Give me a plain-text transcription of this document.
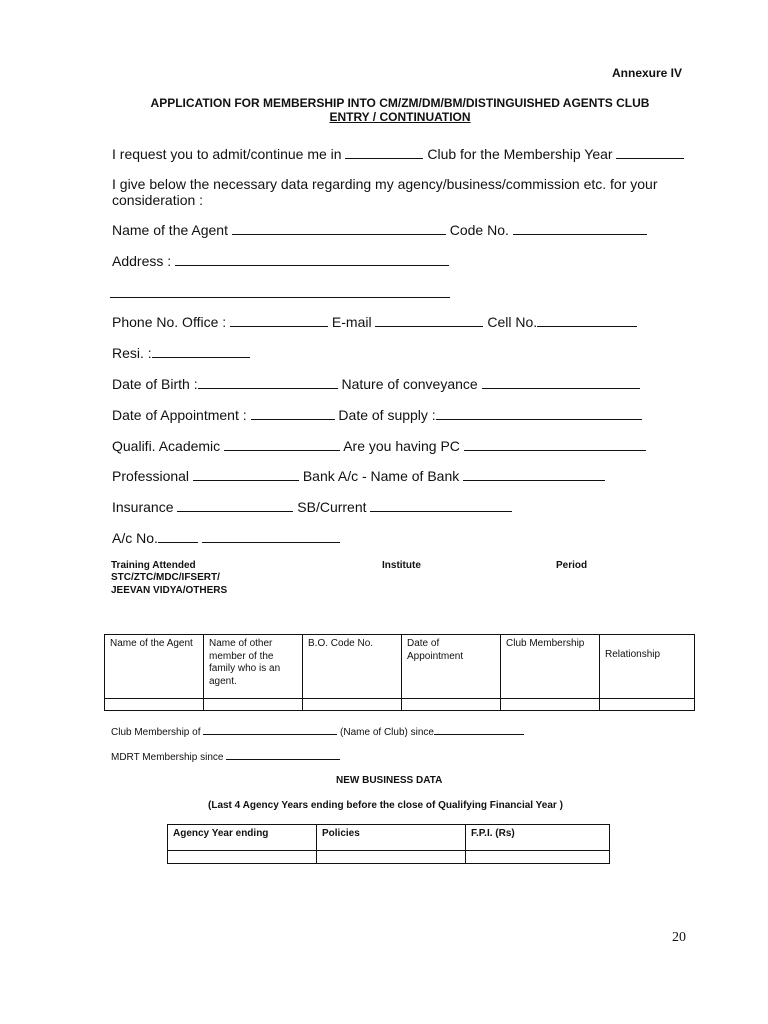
Annexure IV
APPLICATION FOR MEMBERSHIP INTO CM/ZM/DM/BM/DISTINGUISHED AGENTS CLUB
ENTRY / CONTINUATION
I request you to admit/continue me in	Club for the Membership Year
I give below the necessary data regarding my agency/business/commission etc. for your
consideration :
Name of the Agent	Code No.
Address :
Phone No. Office :	E-mail	Cell No.
Resi. :
Date of Birth :	Nature of conveyance
Date of Appointment :	Date of supply :
Qualifi. Academic	Are you having PC
Professional	Bank A/c - Name of Bank
Insurance	SB/Current
A/c No.
Training Attended
STC/ZTC/MDC/IFSERT/
JEEVAN VIDYA/OTHERS
Institute	Period
Name of the Agent	Name of other member of the family who is an agent.	B.O. Code No.	Date of Appointment	Club Membership	Relationship

Club Membership of	(Name of Club) since
MDRT Membership since
NEW BUSINESS DATA
(Last 4 Agency Years ending before the close of Qualifying Financial Year )
Agency Year ending	Policies	F.P.I. (Rs)

20
